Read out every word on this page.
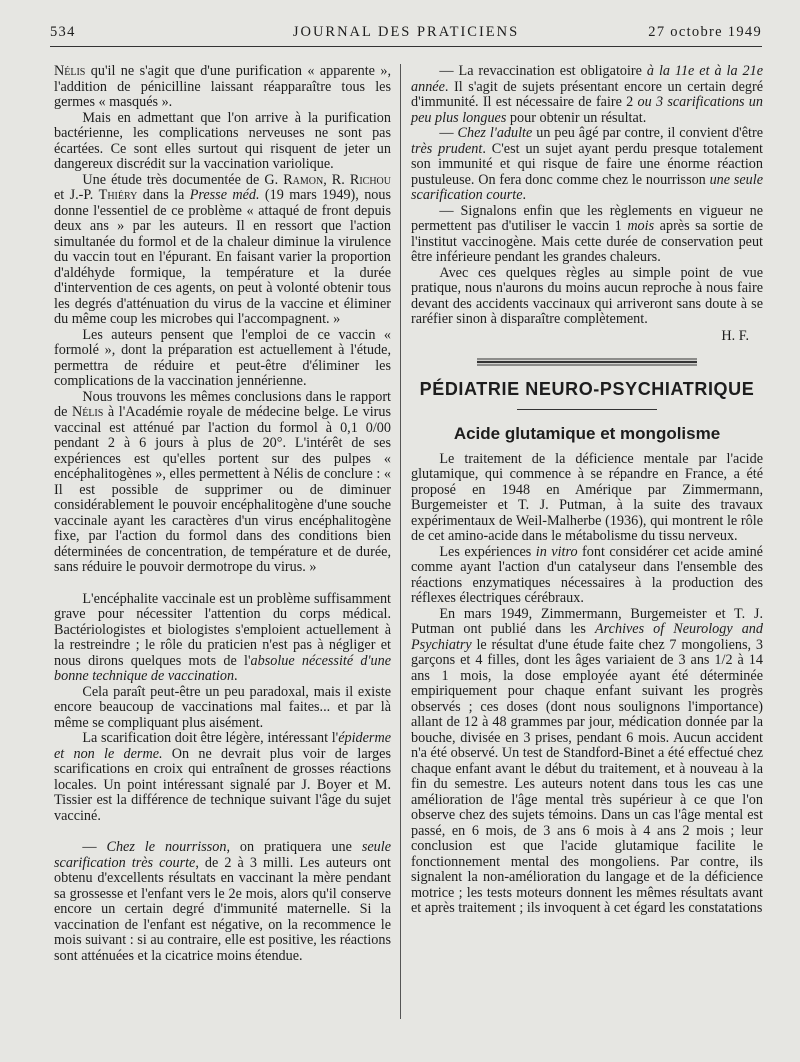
534	JOURNAL DES PRATICIENS	27 octobre 1949

Nélis qu'il ne s'agit que d'une purification « apparente », l'addition de pénicilline laissant réapparaître tous les germes « masqués ».

Mais en admettant que l'on arrive à la purification bactérienne, les complications nerveuses ne sont pas écartées. Ce sont elles surtout qui risquent de jeter un dangereux discrédit sur la vaccination variolique.

Une étude très documentée de G. Ramon, R. Richou et J.-P. Thiéry dans la Presse méd. (19 mars 1949), nous donne l'essentiel de ce problème « attaqué de front depuis deux ans » par les auteurs. Il en ressort que l'action simultanée du formol et de la chaleur diminue la virulence du vaccin tout en l'épurant. En faisant varier la proportion d'aldéhyde formique, la température et la durée d'intervention de ces agents, on peut à volonté obtenir tous les degrés d'atténuation du virus de la vaccine et éliminer du même coup les microbes qui l'accompagnent. »

Les auteurs pensent que l'emploi de ce vaccin « formolé », dont la préparation est actuellement à l'étude, permettra de réduire et peut-être d'éliminer les complications de la vaccination jennérienne.

Nous trouvons les mêmes conclusions dans le rapport de Nélis à l'Académie royale de médecine belge. Le virus vaccinal est atténué par l'action du formol à 0,1 0/00 pendant 2 à 6 jours à plus de 20°. L'intérêt de ses expériences est qu'elles portent sur des pulpes « encéphalitogènes », elles permettent à Nélis de conclure : « Il est possible de supprimer ou de diminuer considérablement le pouvoir encéphalitogène d'une souche vaccinale ayant les caractères d'un virus encéphalitogène fixe, par l'action du formol dans des conditions bien déterminées de concentration, de température et de durée, sans réduire le pouvoir dermotrope du virus. »

L'encéphalite vaccinale est un problème suffisamment grave pour nécessiter l'attention du corps médical. Bactériologistes et biologistes s'emploient actuellement à la restreindre ; le rôle du praticien n'est pas à négliger et nous dirons quelques mots de l'absolue nécessité d'une bonne technique de vaccination.

Cela paraît peut-être un peu paradoxal, mais il existe encore beaucoup de vaccinations mal faites... et par là même se compliquant plus aisément.

La scarification doit être légère, intéressant l'épiderme et non le derme. On ne devrait plus voir de larges scarifications en croix qui entraînent de grosses réactions locales. Un point intéressant signalé par J. Boyer et M. Tissier est la différence de technique suivant l'âge du sujet vacciné.

— Chez le nourrisson, on pratiquera une seule scarification très courte, de 2 à 3 milli. Les auteurs ont obtenu d'excellents résultats en vaccinant la mère pendant sa grossesse et l'enfant vers le 2e mois, alors qu'il conserve encore un certain degré d'immunité maternelle. Si la vaccination de l'enfant est négative, on la recommence le mois suivant : si au contraire, elle est positive, les réactions sont atténuées et la cicatrice moins étendue.

— La revaccination est obligatoire à la 11e et à la 21e année. Il s'agit de sujets présentant encore un certain degré d'immunité. Il est nécessaire de faire 2 ou 3 scarifications un peu plus longues pour obtenir un résultat.

— Chez l'adulte un peu âgé par contre, il convient d'être très prudent. C'est un sujet ayant perdu presque totalement son immunité et qui risque de faire une énorme réaction pustuleuse. On fera donc comme chez le nourrisson une seule scarification courte.

— Signalons enfin que les règlements en vigueur ne permettent pas d'utiliser le vaccin 1 mois après sa sortie de l'institut vaccinogène. Mais cette durée de conservation peut être inférieure pendant les grandes chaleurs.

Avec ces quelques règles au simple point de vue pratique, nous n'aurons du moins aucun reproche à nous faire devant des accidents vaccinaux qui arriveront sans doute à se raréfier sinon à disparaître complètement.

H. F.

PÉDIATRIE NEURO-PSYCHIATRIQUE
Acide glutamique et mongolisme

Le traitement de la déficience mentale par l'acide glutamique, qui commence à se répandre en France, a été proposé en 1948 en Amérique par Zimmermann, Burgemeister et T. J. Putman, à la suite des travaux expérimentaux de Weil-Malherbe (1936), qui montrent le rôle de cet amino-acide dans le métabolisme du tissu nerveux.

Les expériences in vitro font considérer cet acide aminé comme ayant l'action d'un catalyseur dans l'ensemble des réactions enzymatiques nécessaires à la production des réflexes électriques cérébraux.

En mars 1949, Zimmermann, Burgemeister et T. J. Putman ont publié dans les Archives of Neurology and Psychiatry le résultat d'une étude faite chez 7 mongoliens, 3 garçons et 4 filles, dont les âges variaient de 3 ans 1/2 à 14 ans 1 mois, la dose employée ayant été déterminée empiriquement pour chaque enfant suivant les progrès observés ; ces doses (dont nous soulignons l'importance) allant de 12 à 48 grammes par jour, médication donnée par la bouche, divisée en 3 prises, pendant 6 mois. Aucun accident n'a été observé. Un test de Standford-Binet a été effectué chez chaque enfant avant le début du traitement, et à nouveau à la fin du semestre. Les auteurs notent dans tous les cas une amélioration de l'âge mental très supérieur à ce que l'on observe chez des sujets témoins. Dans un cas l'âge mental est passé, en 6 mois, de 3 ans 6 mois à 4 ans 2 mois ; leur conclusion est que l'acide glutamique facilite le fonctionnement mental des mongoliens. Par contre, ils signalent la non-amélioration du langage et de la déficience motrice ; les tests moteurs donnent les mêmes résultats avant et après traitement ; ils invoquent à cet égard les constatations
